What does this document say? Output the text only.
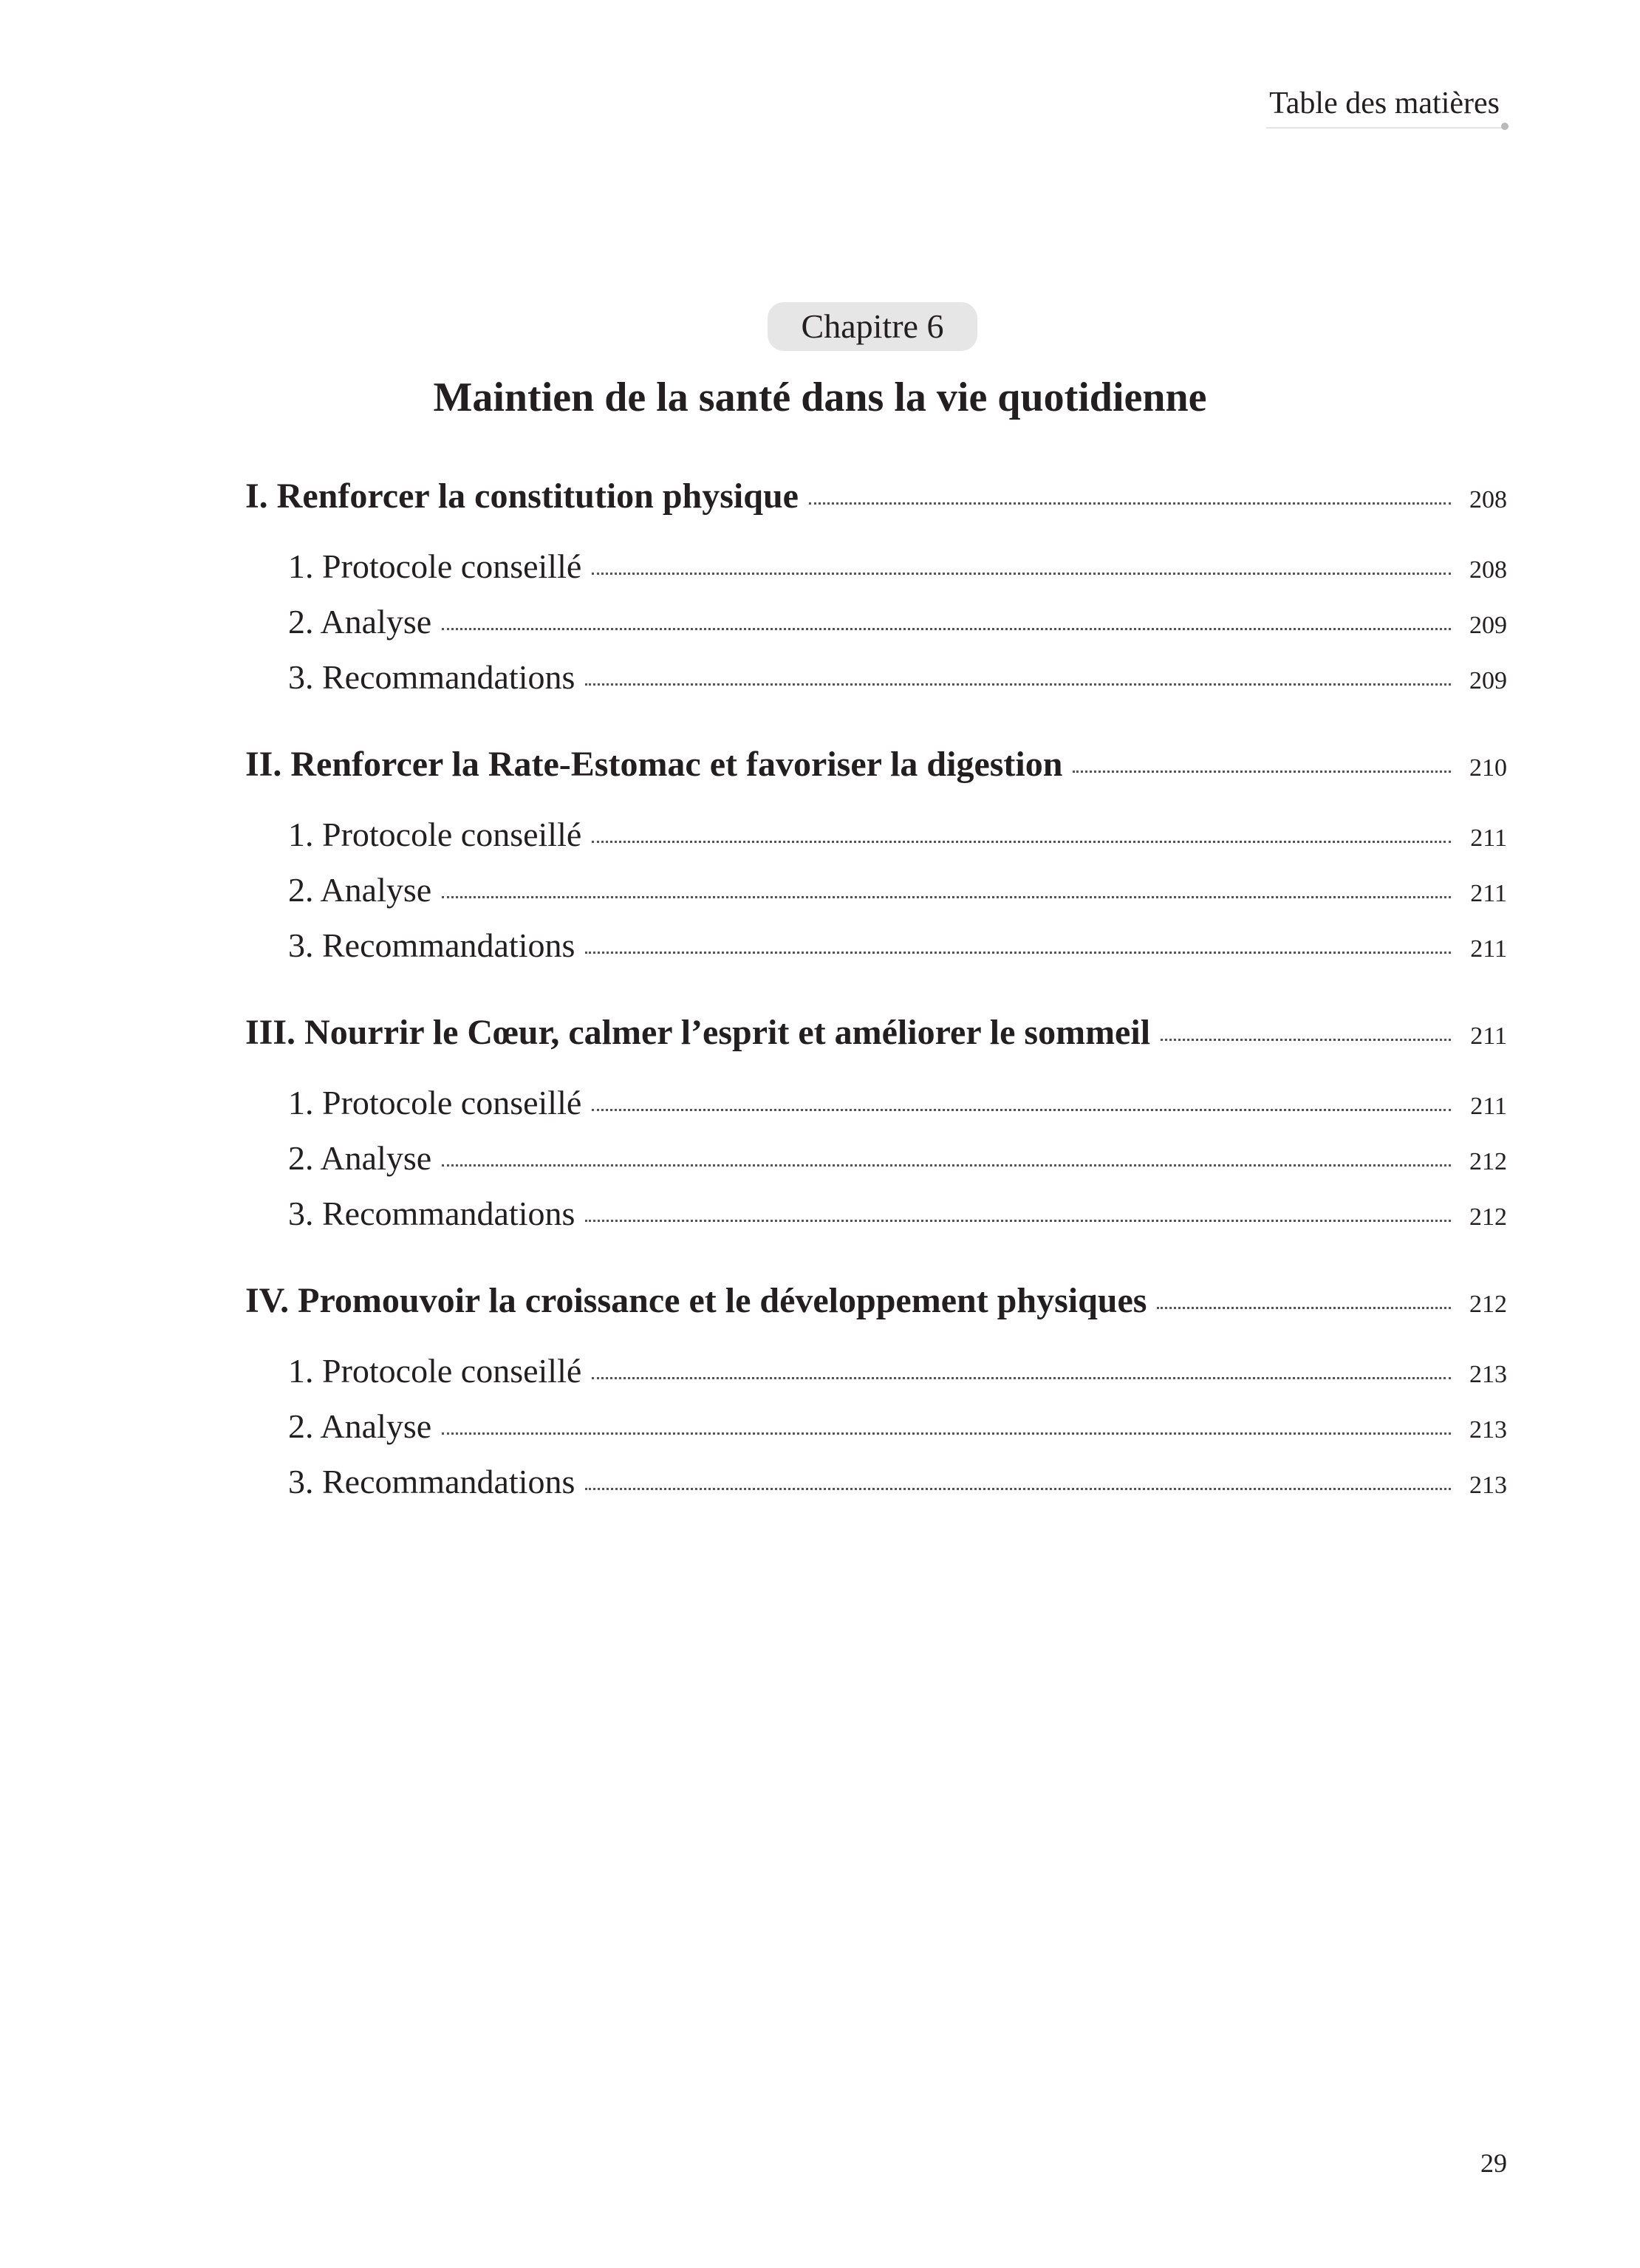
Table des matières
Chapitre 6
Maintien de la santé dans la vie quotidienne
I. Renforcer la constitution physique	208
1. Protocole conseillé	208
2. Analyse	209
3. Recommandations	209
II. Renforcer la Rate-Estomac et favoriser la digestion	210
1. Protocole conseillé	211
2. Analyse	211
3. Recommandations	211
III. Nourrir le Cœur, calmer l’esprit et améliorer le sommeil	211
1. Protocole conseillé	211
2. Analyse	212
3. Recommandations	212
IV. Promouvoir la croissance et le développement physiques	212
1. Protocole conseillé	213
2. Analyse	213
3. Recommandations	213
29
